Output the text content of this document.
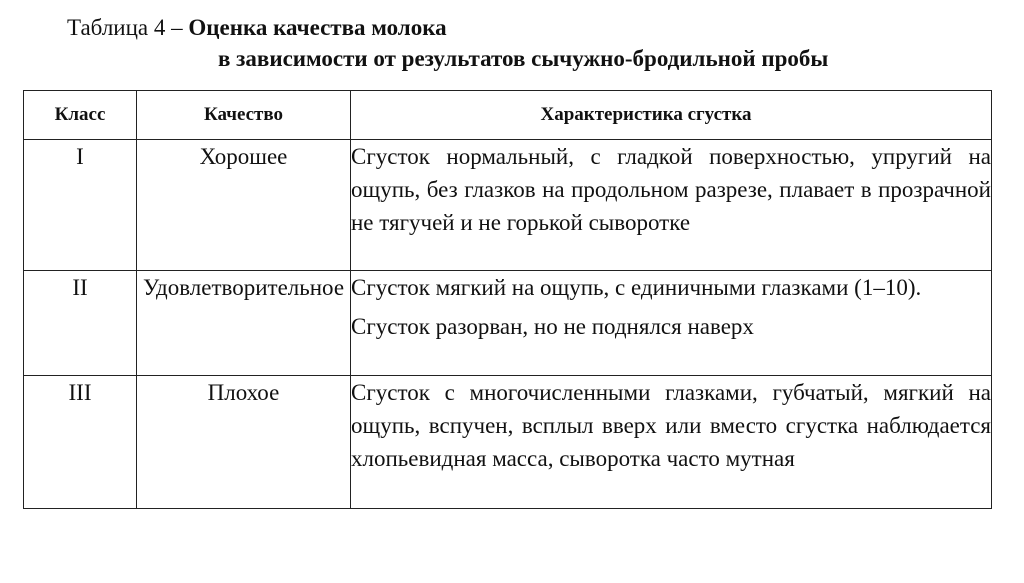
Таблица 4 – Оценка качества молока
в зависимости от результатов сычужно-бродильной пробы
Класс	Качество	Характеристика сгустка
I	Хорошее	Сгусток нормальный, с гладкой поверхностью, упругий на ощупь, без глазков на продольном разрезе, плавает в прозрачной не тягучей и не горькой сыворотке

II	Удовлетворительное	Сгусток мягкий на ощупь, с единичными глазками (1–10).

Сгусток разорван, но не поднялся наверх

III	Плохое	Сгусток с многочисленными глазками, губчатый, мягкий на ощупь, вспучен, всплыл вверх или вместо сгустка наблюдается хлопьевидная масса, сыворотка часто мутная
